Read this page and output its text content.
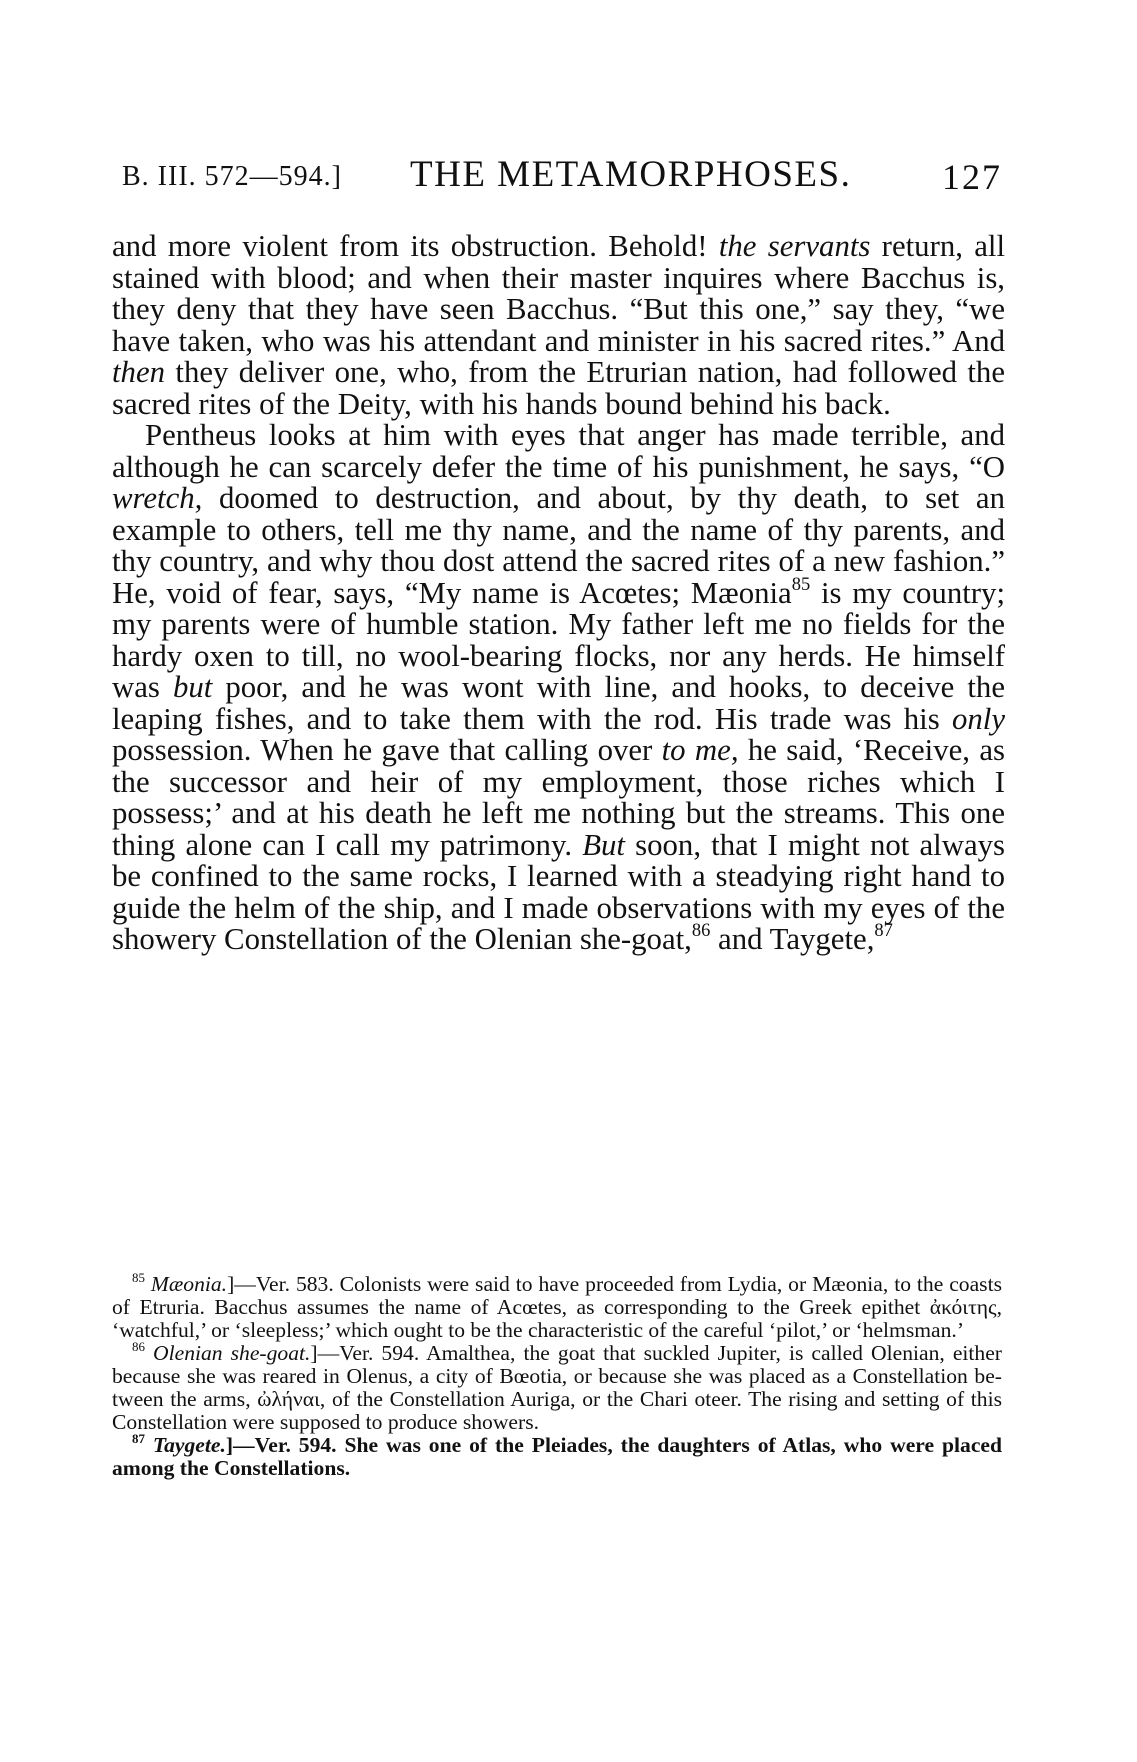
B. III. 572—594.] THE METAMORPHOSES.	127

and more violent from its obstruction. Behold! the servants return, all stained with blood; and when their master inquires where Bacchus is, they deny that they have seen Bacchus. “But this one,” say they, “we have taken, who was his attendant and minister in his sacred rites.” And then they deliver one, who, from the Etrurian nation, had followed the sacred rites of the Deity, with his hands bound behind his back.

Pentheus looks at him with eyes that anger has made terrible, and although he can scarcely defer the time of his punishment, he says, “O wretch, doomed to destruction, and about, by thy death, to set an example to others, tell me thy name, and the name of thy parents, and thy country, and why thou dost attend the sacred rites of a new fashion.” He, void of fear, says, “My name is Acœtes; Mæonia$^{85}$ is my country; my parents were of humble station. My father left me no fields for the hardy oxen to till, no wool-bearing flocks, nor any herds. He himself was but poor, and he was wont with line, and hooks, to deceive the leaping fishes, and to take them with the rod. His trade was his only possession. When he gave that calling over to me, he said, ‘Receive, as the successor and heir of my employment, those riches which I possess;’ and at his death he left me nothing but the streams. This one thing alone can I call my patrimony. But soon, that I might not always be confined to the same rocks, I learned with a steadying right hand to guide the helm of the ship, and I made observations with my eyes of the showery Constellation of the Olenian she-goat,$^{86}$ and Taygete,$^{87}$

$^{85}$ Mæonia.]—Ver. 583. Colonists were said to have proceeded from Lydia, or Mæonia, to the coasts of Etruria. Bacchus assumes the name of Acœtes, as corresponding to the Greek epithet ἀκόιτης, ‘watchful,’ or ‘sleepless;’ which ought to be the characteristic of the careful ‘pilot,’ or ‘helmsman.’

$^{86}$ Olenian she-goat.]—Ver. 594. Amalthea, the goat that suckled Jupiter, is called Olenian, either because she was reared in Olenus, a city of Bœotia, or because she was placed as a Constellation between the arms, ὠλήναι, of the Constellation Auriga, or the Chari oteer. The rising and setting of this Constellation were supposed to produce showers.

$^{87}$ Taygete.]—Ver. 594. She was one of the Pleiades, the daughters of Atlas, who were placed among the Constellations.
